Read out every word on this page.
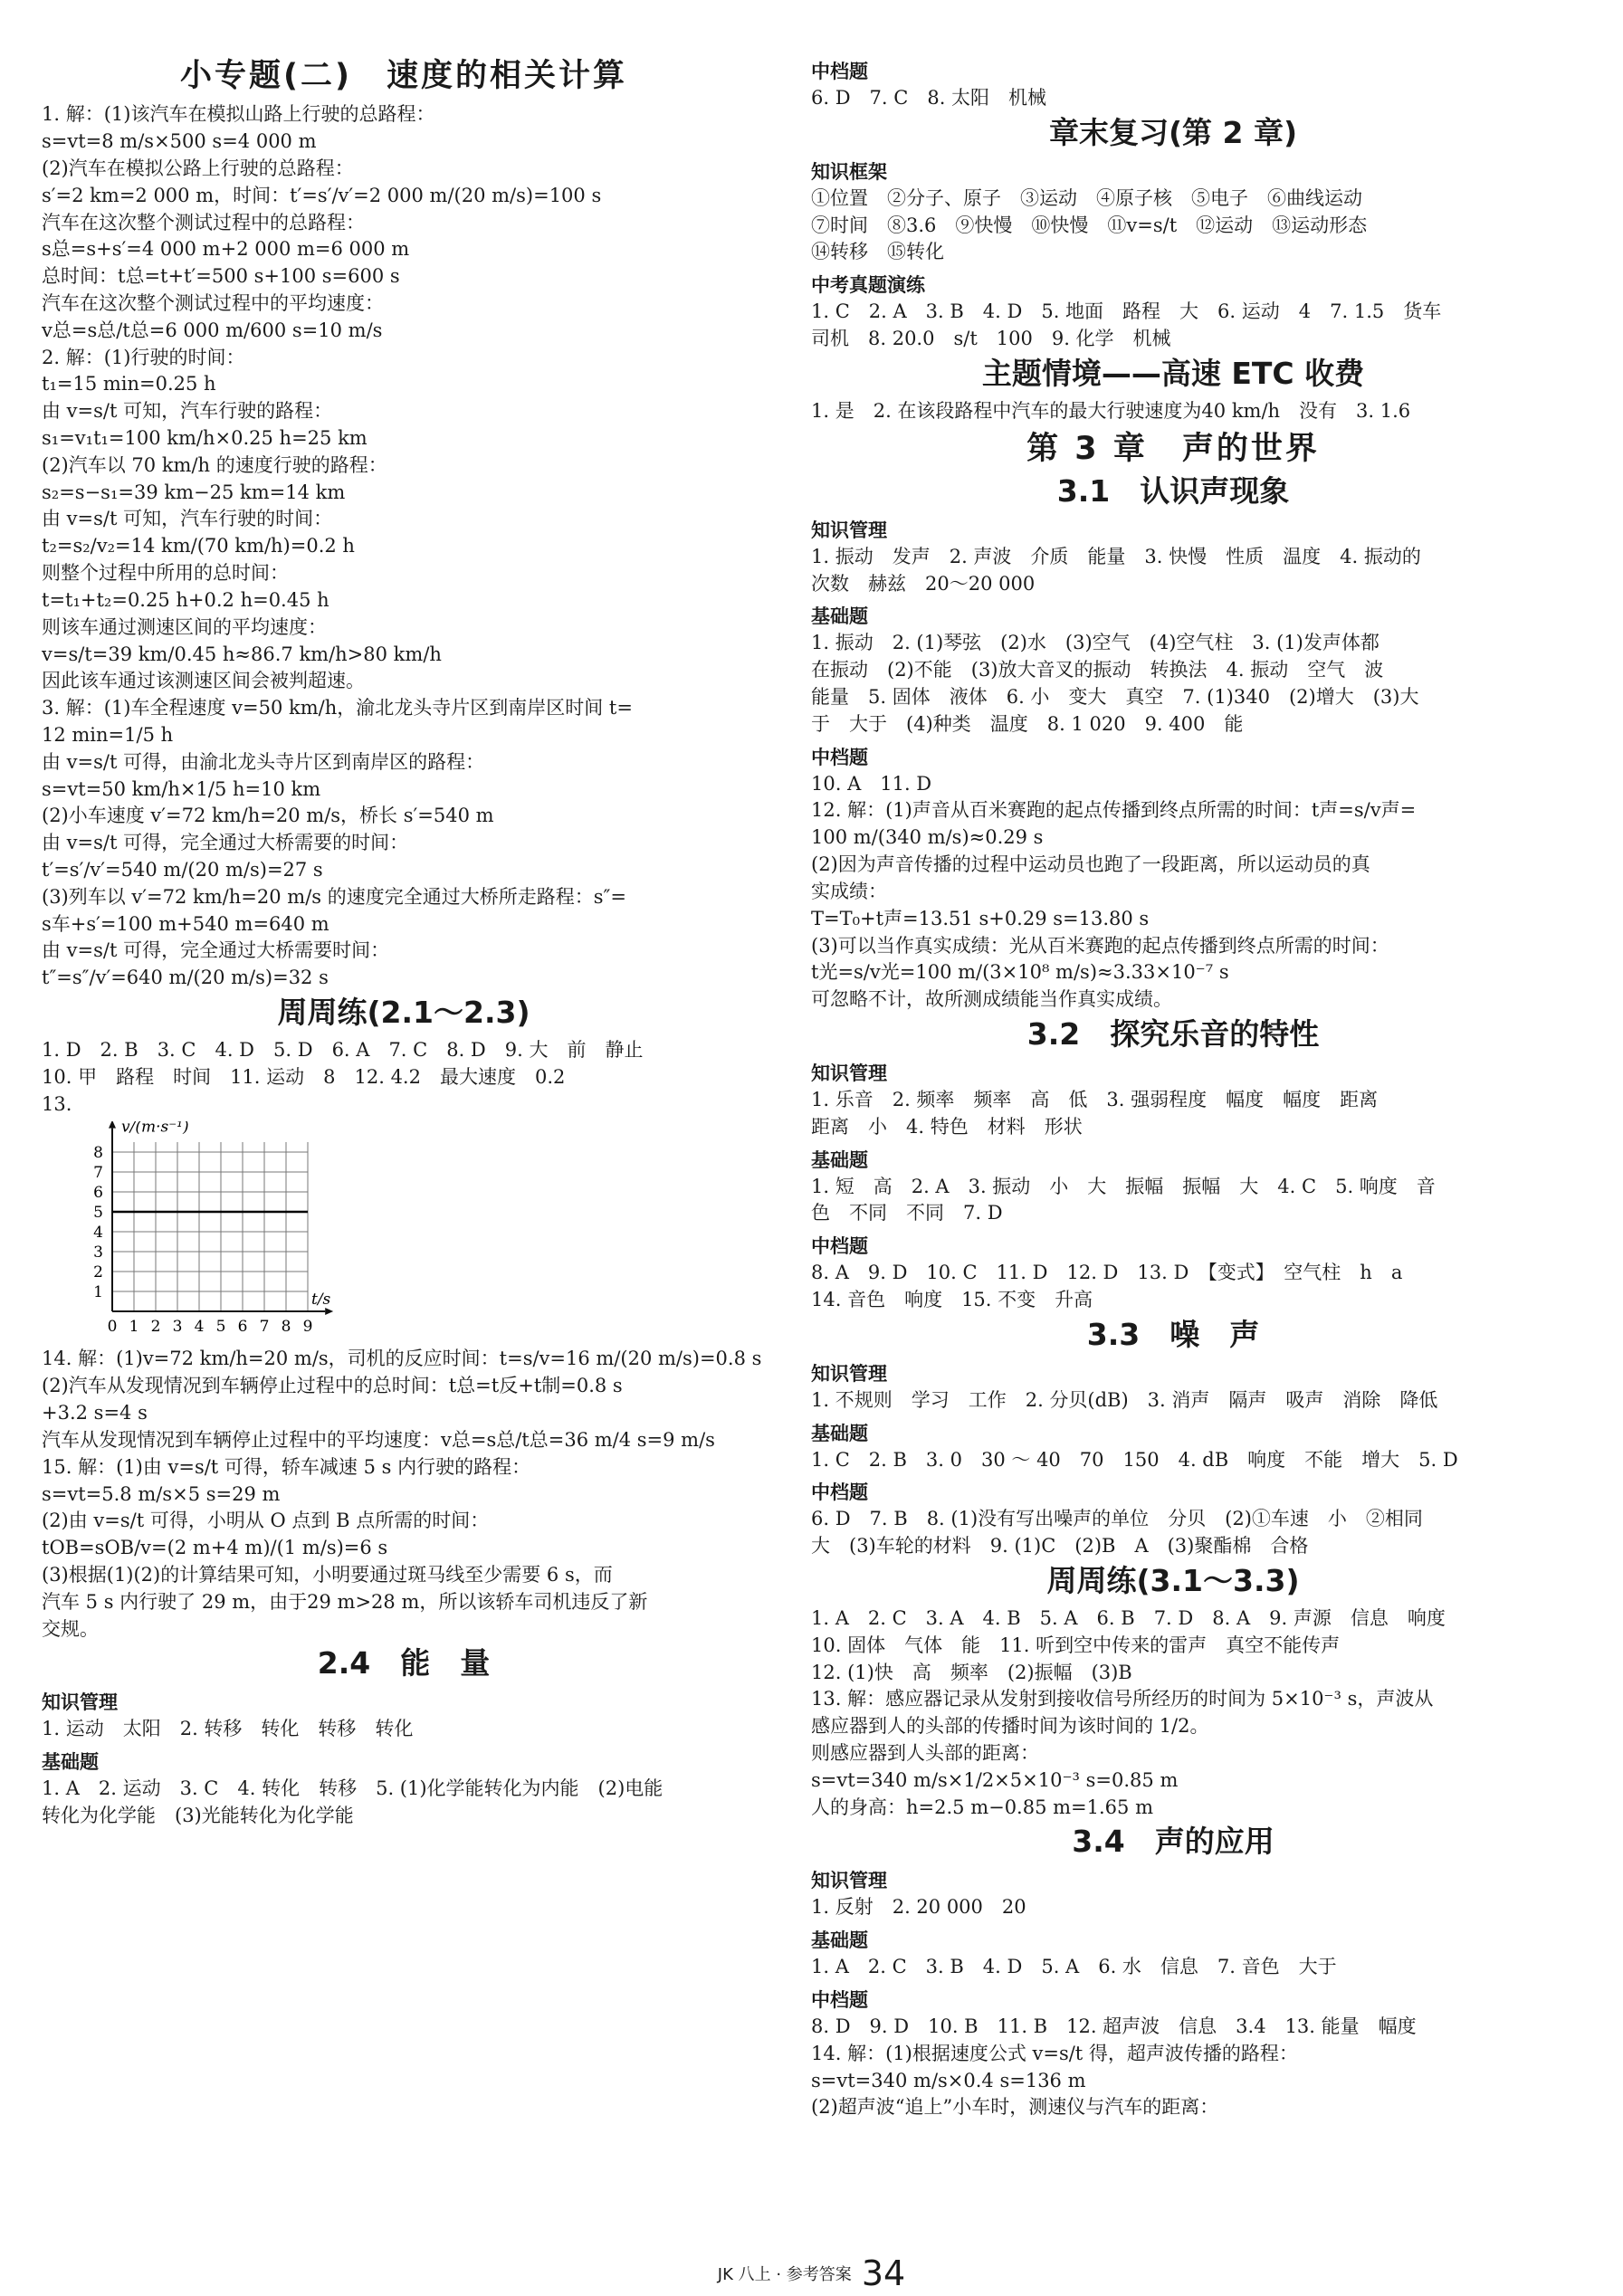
小专题(二)　速度的相关计算
1. 解：(1)该汽车在模拟山路上行驶的总路程：
s=vt=8 m/s×500 s=4 000 m
(2)汽车在模拟公路上行驶的总路程：
s′=2 km=2 000 m，时间：t′=s′/v′=2 000 m/(20 m/s)=100 s
汽车在这次整个测试过程中的总路程：
s总=s+s′=4 000 m+2 000 m=6 000 m
总时间：t总=t+t′=500 s+100 s=600 s
汽车在这次整个测试过程中的平均速度：
v总=s总/t总=6 000 m/600 s=10 m/s
2. 解：(1)行驶的时间：
t₁=15 min=0.25 h
由 v=s/t 可知，汽车行驶的路程：
s₁=v₁t₁=100 km/h×0.25 h=25 km
(2)汽车以 70 km/h 的速度行驶的路程：
s₂=s−s₁=39 km−25 km=14 km
由 v=s/t 可知，汽车行驶的时间：
t₂=s₂/v₂=14 km/(70 km/h)=0.2 h
则整个过程中所用的总时间：
t=t₁+t₂=0.25 h+0.2 h=0.45 h
则该车通过测速区间的平均速度：
v=s/t=39 km/0.45 h≈86.7 km/h>80 km/h
因此该车通过该测速区间会被判超速。
3. 解：(1)车全程速度 v=50 km/h，渝北龙头寺片区到南岸区时间 t=
12 min=1/5 h
由 v=s/t 可得，由渝北龙头寺片区到南岸区的路程：
s=vt=50 km/h×1/5 h=10 km
(2)小车速度 v′=72 km/h=20 m/s，桥长 s′=540 m
由 v=s/t 可得，完全通过大桥需要的时间：
t′=s′/v′=540 m/(20 m/s)=27 s
(3)列车以 v′=72 km/h=20 m/s 的速度完全通过大桥所走路程：s″=
s车+s′=100 m+540 m=640 m
由 v=s/t 可得，完全通过大桥需要时间：
t″=s″/v′=640 m/(20 m/s)=32 s
周周练(2.1～2.3)
1. D　2. B　3. C　4. D　5. D　6. A　7. C　8. D　9. 大　前　静止
10. 甲　路程　时间　11. 运动　8　12. 4.2　最大速度　0.2
13.
1
2
3
4
5
6
7
8
0 1 2 3 4 5 6 7 8 9
v/(m·s⁻¹)
t/s
14. 解：(1)v=72 km/h=20 m/s，司机的反应时间：t=s/v=16 m/(20 m/s)=0.8 s
(2)汽车从发现情况到车辆停止过程中的总时间：t总=t反+t制=0.8 s
+3.2 s=4 s
汽车从发现情况到车辆停止过程中的平均速度：v总=s总/t总=36 m/4 s=9 m/s
15. 解：(1)由 v=s/t 可得，轿车减速 5 s 内行驶的路程：
s=vt=5.8 m/s×5 s=29 m
(2)由 v=s/t 可得，小明从 O 点到 B 点所需的时间：
tOB=sOB/v=(2 m+4 m)/(1 m/s)=6 s
(3)根据(1)(2)的计算结果可知，小明要通过斑马线至少需要 6 s，而
汽车 5 s 内行驶了 29 m，由于29 m>28 m，所以该轿车司机违反了新
交规。
2.4　能　量
知识管理
1. 运动　太阳　2. 转移　转化　转移　转化
基础题
1. A　2. 运动　3. C　4. 转化　转移　5. (1)化学能转化为内能　(2)电能
转化为化学能　(3)光能转化为化学能
中档题
6. D　7. C　8. 太阳　机械
章末复习(第 2 章)
知识框架
①位置　②分子、原子　③运动　④原子核　⑤电子　⑥曲线运动
⑦时间　⑧3.6　⑨快慢　⑩快慢　⑪v=s/t　⑫运动　⑬运动形态
⑭转移　⑮转化
中考真题演练
1. C　2. A　3. B　4. D　5. 地面　路程　大　6. 运动　4　7. 1.5　货车
司机　8. 20.0　s/t　100　9. 化学　机械
主题情境——高速 ETC 收费
1. 是　2. 在该段路程中汽车的最大行驶速度为40 km/h　没有　3. 1.6
第 3 章　声的世界
3.1　认识声现象
知识管理
1. 振动　发声　2. 声波　介质　能量　3. 快慢　性质　温度　4. 振动的
次数　赫兹　20～20 000
基础题
1. 振动　2. (1)琴弦　(2)水　(3)空气　(4)空气柱　3. (1)发声体都
在振动　(2)不能　(3)放大音叉的振动　转换法　4. 振动　空气　波
能量　5. 固体　液体　6. 小　变大　真空　7. (1)340　(2)增大　(3)大
于　大于　(4)种类　温度　8. 1 020　9. 400　能
中档题
10. A　11. D
12. 解：(1)声音从百米赛跑的起点传播到终点所需的时间：t声=s/v声=
100 m/(340 m/s)≈0.29 s
(2)因为声音传播的过程中运动员也跑了一段距离，所以运动员的真
实成绩：
T=T₀+t声=13.51 s+0.29 s=13.80 s
(3)可以当作真实成绩：光从百米赛跑的起点传播到终点所需的时间：
t光=s/v光=100 m/(3×10⁸ m/s)≈3.33×10⁻⁷ s
可忽略不计，故所测成绩能当作真实成绩。
3.2　探究乐音的特性
知识管理
1. 乐音　2. 频率　频率　高　低　3. 强弱程度　幅度　幅度　距离
距离　小　4. 特色　材料　形状
基础题
1. 短　高　2. A　3. 振动　小　大　振幅　振幅　大　4. C　5. 响度　音
色　不同　不同　7. D
中档题
8. A　9. D　10. C　11. D　12. D　13. D　【变式】　空气柱　h　a
14. 音色　响度　15. 不变　升高
3.3　噪　声
知识管理
1. 不规则　学习　工作　2. 分贝(dB)　3. 消声　隔声　吸声　消除　降低
基础题
1. C　2. B　3. 0　30 ～ 40　70　150　4. dB　响度　不能　增大　5. D
中档题
6. D　7. B　8. (1)没有写出噪声的单位　分贝　(2)①车速　小　②相同
大　(3)车轮的材料　9. (1)C　(2)B　A　(3)聚酯棉　合格
周周练(3.1～3.3)
1. A　2. C　3. A　4. B　5. A　6. B　7. D　8. A　9. 声源　信息　响度
10. 固体　气体　能　11. 听到空中传来的雷声　真空不能传声
12. (1)快　高　频率　(2)振幅　(3)B
13. 解：感应器记录从发射到接收信号所经历的时间为 5×10⁻³ s，声波从
感应器到人的头部的传播时间为该时间的 1/2。
则感应器到人头部的距离：
s=vt=340 m/s×1/2×5×10⁻³ s=0.85 m
人的身高：h=2.5 m−0.85 m=1.65 m
3.4　声的应用
知识管理
1. 反射　2. 20 000　20
基础题
1. A　2. C　3. B　4. D　5. A　6. 水　信息　7. 音色　大于
中档题
8. D　9. D　10. B　11. B　12. 超声波　信息　3.4　13. 能量　幅度
14. 解：(1)根据速度公式 v=s/t 得，超声波传播的路程：
s=vt=340 m/s×0.4 s=136 m
(2)超声波“追上”小车时，测速仪与汽车的距离：
JK 八上 · 参考答案 34
